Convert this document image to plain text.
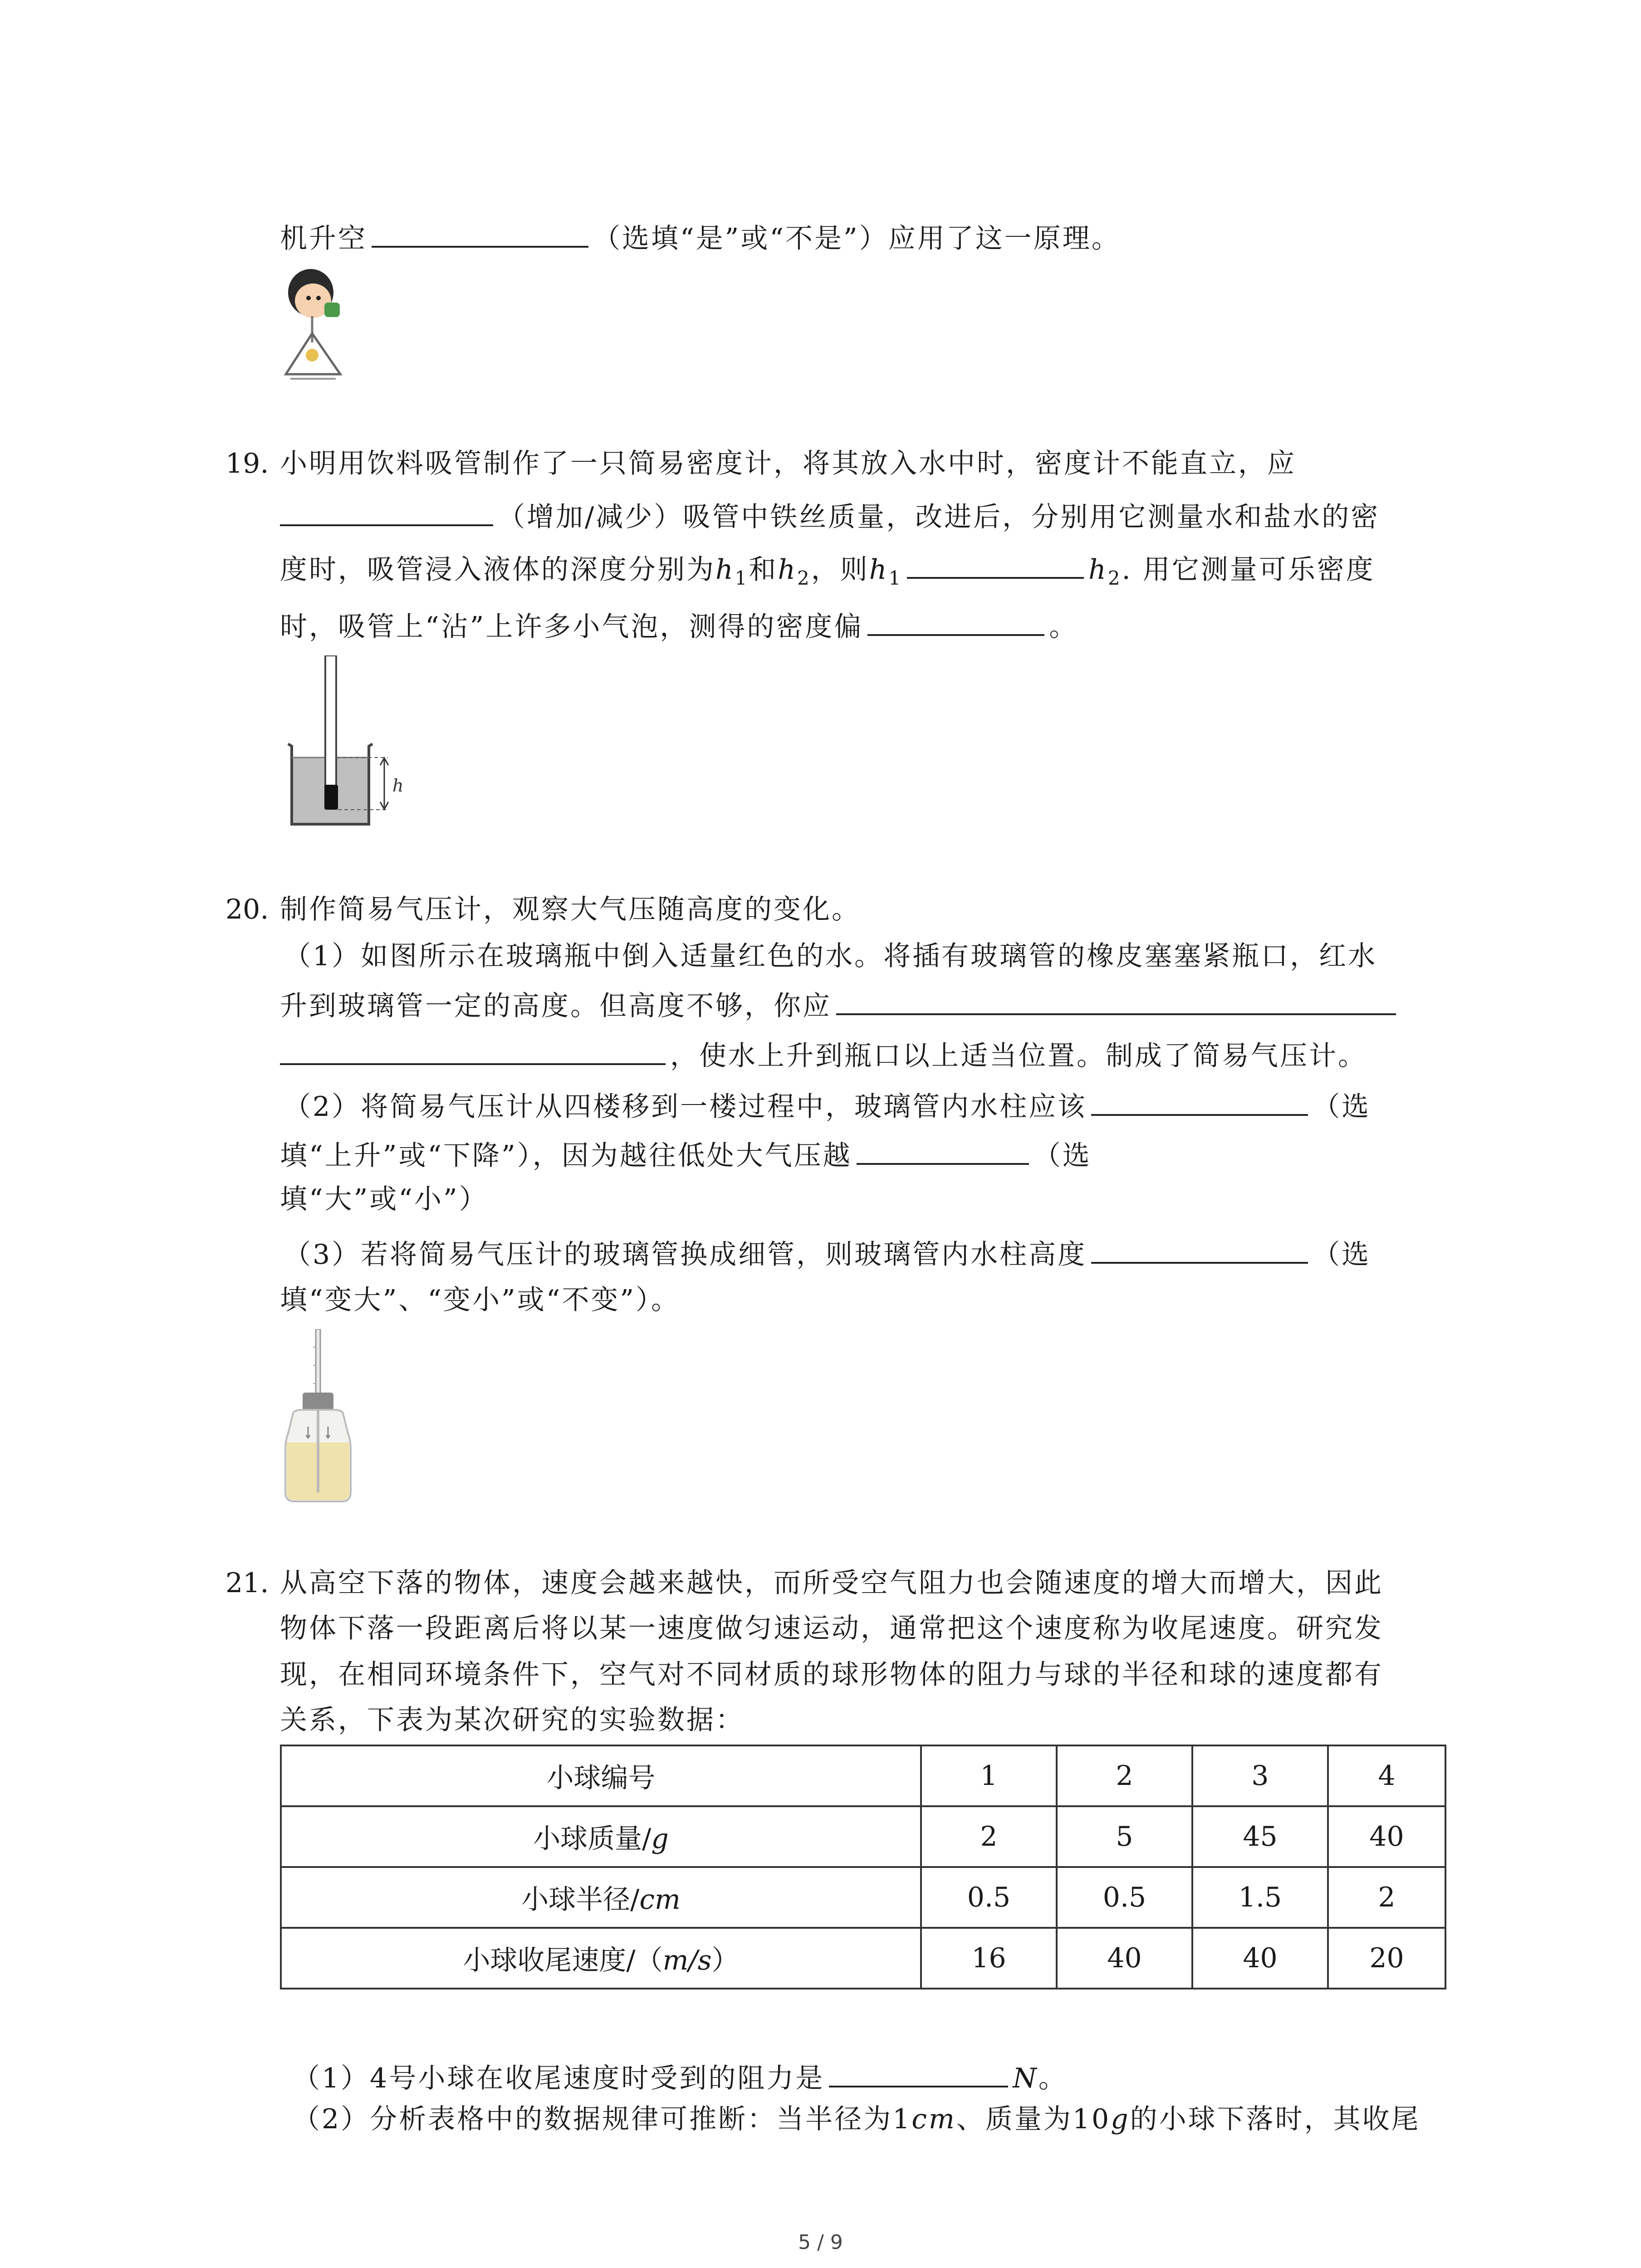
机升空	（选填“是”或“不是”）应用了这一原理。
19. 小明用饮料吸管制作了一只简易密度计，将其放入水中时，密度计不能直立，应
（增加/减少）吸管中铁丝质量，改进后，分别用它测量水和盐水的密
度时，吸管浸入液体的深度分别为$h_1$和$h_2$，则$h_1$	$h_2$. 用它测量可乐密度
时，吸管上“沾”上许多小气泡，测得的密度偏	。
h
20. 制作简易气压计，观察大气压随高度的变化。
（1）如图所示在玻璃瓶中倒入适量红色的水。将插有玻璃管的橡皮塞塞紧瓶口，红水
升到玻璃管一定的高度。但高度不够，你应
，使水上升到瓶口以上适当位置。制成了简易气压计。
（2）将简易气压计从四楼移到一楼过程中，玻璃管内水柱应该	（选
填“上升”或“下降”），因为越往低处大气压越	（选
填“大”或“小”）
（3）若将简易气压计的玻璃管换成细管，则玻璃管内水柱高度	（选
填“变大”、“变小”或“不变”）。
21. 从高空下落的物体，速度会越来越快，而所受空气阻力也会随速度的增大而增大，因此
物体下落一段距离后将以某一速度做匀速运动，通常把这个速度称为收尾速度。研究发
现，在相同环境条件下，空气对不同材质的球形物体的阻力与球的半径和球的速度都有
关系，下表为某次研究的实验数据：
小球编号	1	2	3	4
小球质量/g	2	5	45	40
小球半径/cm	0.5	0.5	1.5	2
小球收尾速度/（m/s）	16	40	40	20
（1）4号小球在收尾速度时受到的阻力是	N。
（2）分析表格中的数据规律可推断：当半径为1cm、质量为10g的小球下落时，其收尾
5 / 9
